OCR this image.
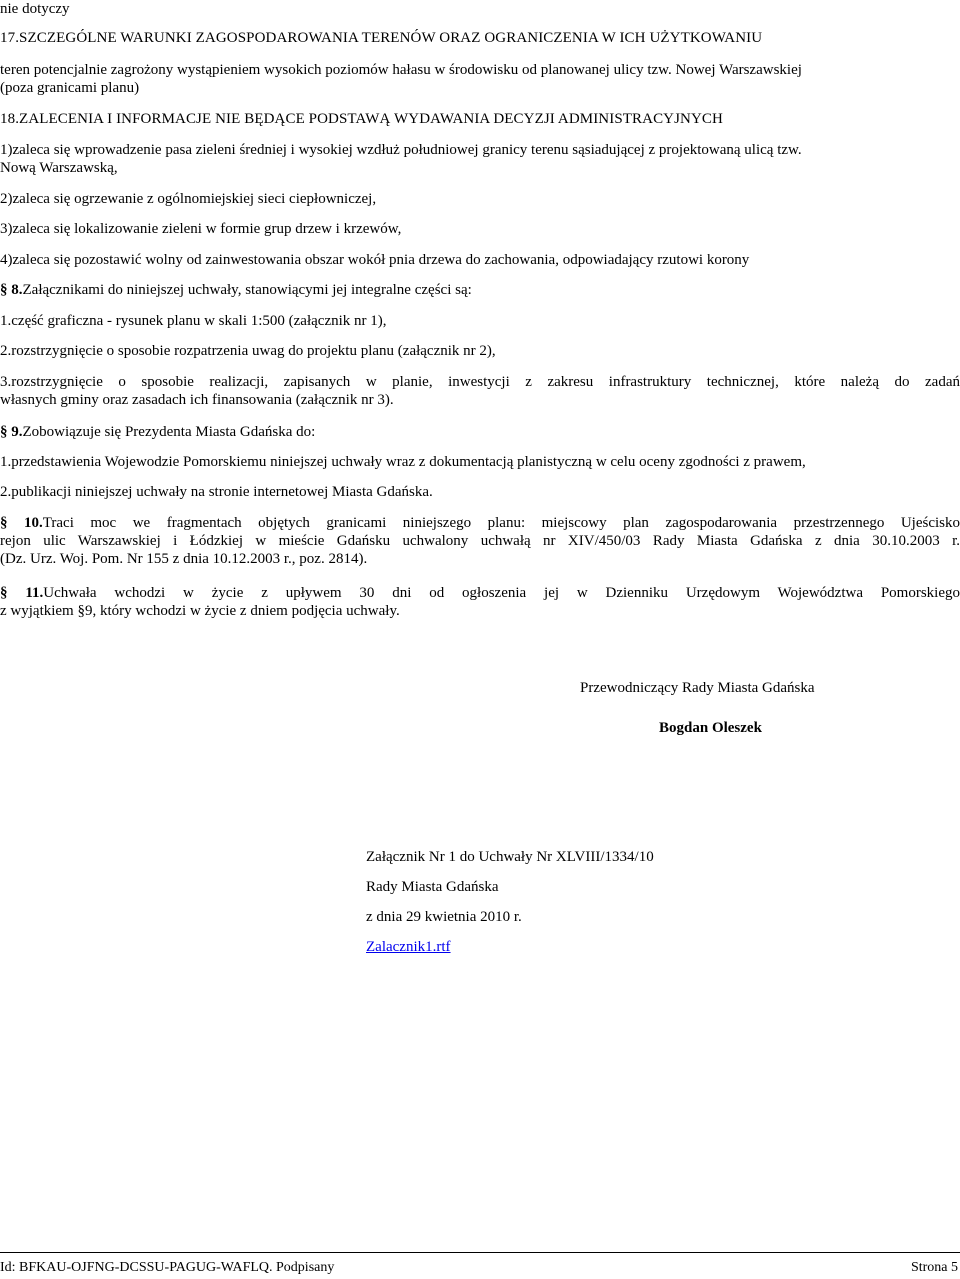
nie dotyczy
17.SZCZEGÓLNE WARUNKI ZAGOSPODAROWANIA TERENÓW ORAZ OGRANICZENIA W ICH UŻYTKOWANIU
teren potencjalnie zagrożony wystąpieniem wysokich poziomów hałasu w środowisku od planowanej ulicy tzw. Nowej Warszawskiej
(poza granicami planu)
18.ZALECENIA I INFORMACJE NIE BĘDĄCE PODSTAWĄ WYDAWANIA DECYZJI ADMINISTRACYJNYCH
1)zaleca się wprowadzenie pasa zieleni średniej i wysokiej wzdłuż południowej granicy terenu sąsiadującej z projektowaną ulicą tzw.
Nową Warszawską,
2)zaleca się ogrzewanie z ogólnomiejskiej sieci ciepłowniczej,
3)zaleca się lokalizowanie zieleni w formie grup drzew i krzewów,
4)zaleca się pozostawić wolny od zainwestowania obszar wokół pnia drzewa do zachowania, odpowiadający rzutowi korony
§ 8.Załącznikami do niniejszej uchwały, stanowiącymi jej integralne części są:
1.część graficzna - rysunek planu w skali 1:500 (załącznik nr 1),
2.rozstrzygnięcie o sposobie rozpatrzenia uwag do projektu planu (załącznik nr 2),
3.rozstrzygnięcie o sposobie realizacji, zapisanych w planie, inwestycji z zakresu infrastruktury technicznej, które należą do zadań
własnych gminy oraz zasadach ich finansowania (załącznik nr 3).
§ 9.Zobowiązuje się Prezydenta Miasta Gdańska do:
1.przedstawienia Wojewodzie Pomorskiemu niniejszej uchwały wraz z dokumentacją planistyczną w celu oceny zgodności z prawem,
2.publikacji niniejszej uchwały na stronie internetowej Miasta Gdańska.
§ 10.Traci moc we fragmentach objętych granicami niniejszego planu: miejscowy plan zagospodarowania przestrzennego Ujeścisko
rejon ulic Warszawskiej i Łódzkiej w mieście Gdańsku uchwalony uchwałą nr XIV/450/03 Rady Miasta Gdańska z dnia 30.10.2003 r.
(Dz. Urz. Woj. Pom. Nr 155 z dnia 10.12.2003 r., poz. 2814).
§ 11.Uchwała wchodzi w życie z upływem 30 dni od ogłoszenia jej w Dzienniku Urzędowym Województwa Pomorskiego
z wyjątkiem §9, który wchodzi w życie z dniem podjęcia uchwały.
Przewodniczący Rady Miasta Gdańska
Bogdan Oleszek
Załącznik Nr 1 do Uchwały Nr XLVIII/1334/10
Rady Miasta Gdańska
z dnia 29 kwietnia 2010 r.
Zalacznik1.rtf
Id: BFKAU-OJFNG-DCSSU-PAGUG-WAFLQ. Podpisany	Strona 5
